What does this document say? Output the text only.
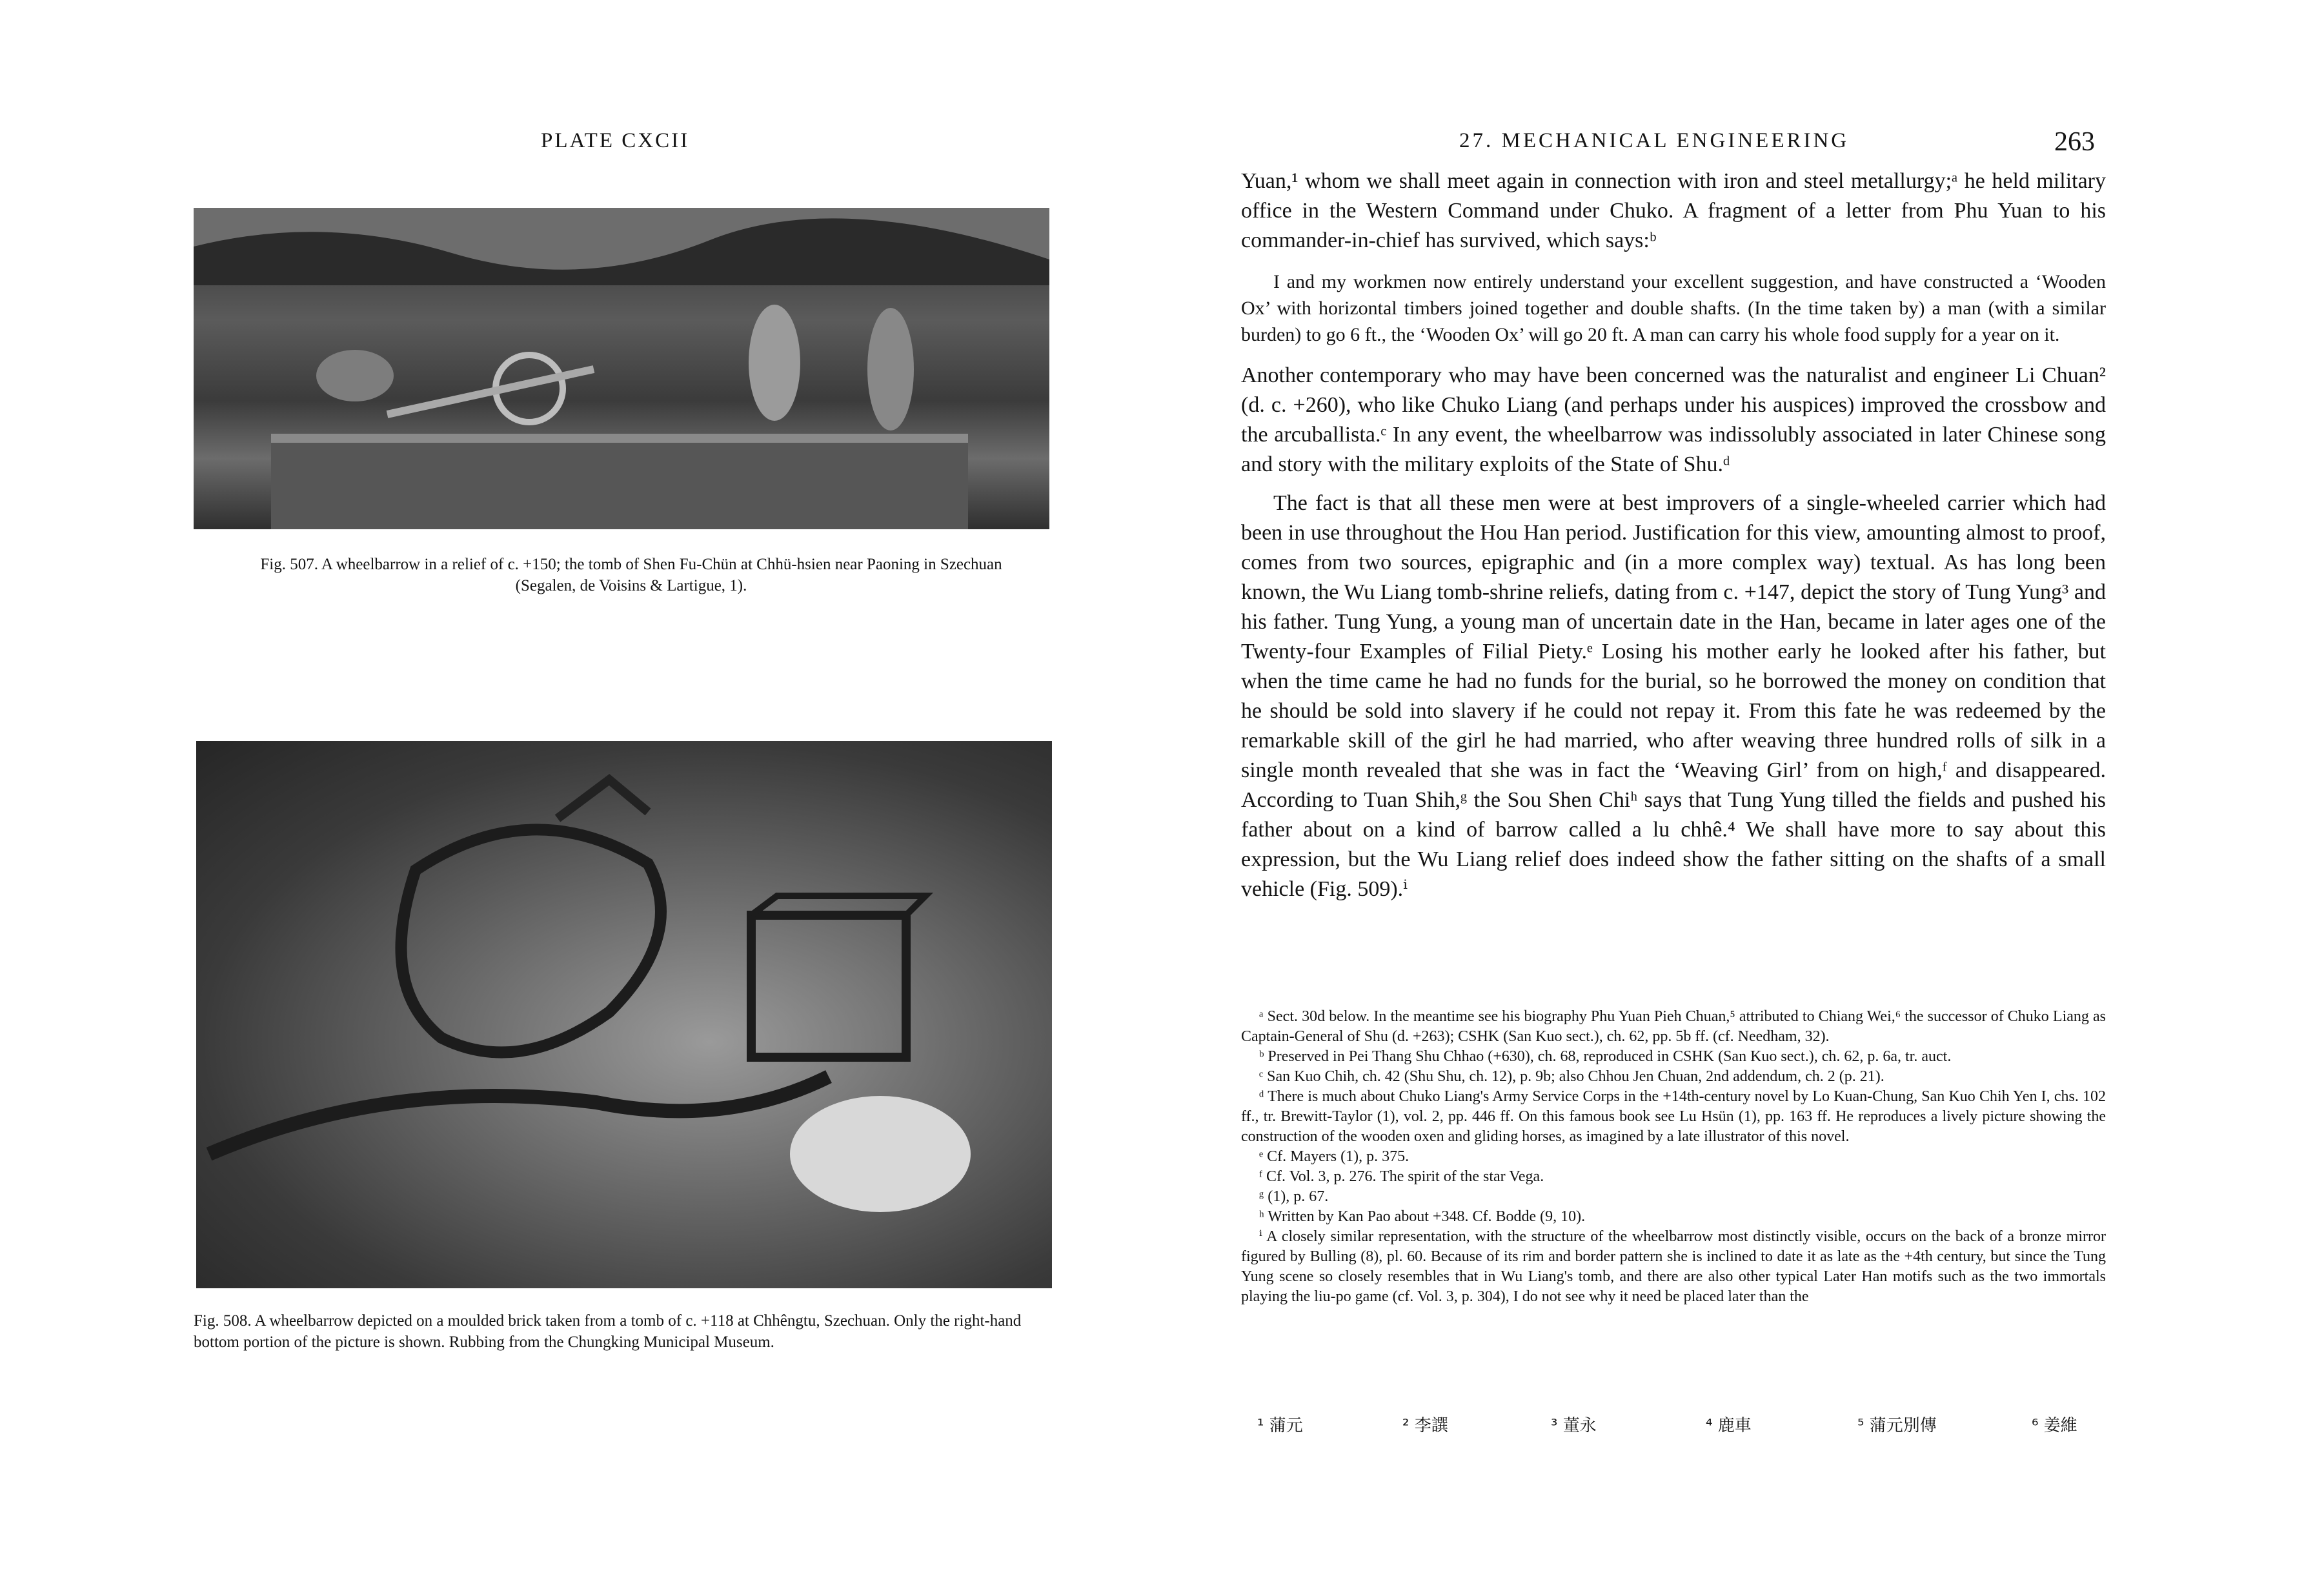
PLATE CXCII
Fig. 507. A wheelbarrow in a relief of c. +150; the tomb of Shen Fu-Chün at Chhü-hsien near Paoning in Szechuan (Segalen, de Voisins & Lartigue, 1).
Fig. 508. A wheelbarrow depicted on a moulded brick taken from a tomb of c. +118 at Chhêngtu, Szechuan. Only the right-hand bottom portion of the picture is shown. Rubbing from the Chungking Municipal Museum.
27. MECHANICAL ENGINEERING	263

Yuan,¹ whom we shall meet again in connection with iron and steel metallurgy;ᵃ he held military office in the Western Command under Chuko. A fragment of a letter from Phu Yuan to his commander-in-chief has survived, which says:ᵇ

I and my workmen now entirely understand your excellent suggestion, and have constructed a ‘Wooden Ox’ with horizontal timbers joined together and double shafts. (In the time taken by) a man (with a similar burden) to go 6 ft., the ‘Wooden Ox’ will go 20 ft. A man can carry his whole food supply for a year on it.

Another contemporary who may have been concerned was the naturalist and engineer Li Chuan² (d. c. +260), who like Chuko Liang (and perhaps under his auspices) improved the crossbow and the arcuballista.ᶜ In any event, the wheelbarrow was indissolubly associated in later Chinese song and story with the military exploits of the State of Shu.ᵈ

The fact is that all these men were at best improvers of a single-wheeled carrier which had been in use throughout the Hou Han period. Justification for this view, amounting almost to proof, comes from two sources, epigraphic and (in a more complex way) textual. As has long been known, the Wu Liang tomb-shrine reliefs, dating from c. +147, depict the story of Tung Yung³ and his father. Tung Yung, a young man of uncertain date in the Han, became in later ages one of the Twenty-four Examples of Filial Piety.ᵉ Losing his mother early he looked after his father, but when the time came he had no funds for the burial, so he borrowed the money on condition that he should be sold into slavery if he could not repay it. From this fate he was redeemed by the remarkable skill of the girl he had married, who after weaving three hundred rolls of silk in a single month revealed that she was in fact the ‘Weaving Girl’ from on high,ᶠ and disappeared. According to Tuan Shih,ᵍ the Sou Shen Chiʰ says that Tung Yung tilled the fields and pushed his father about on a kind of barrow called a lu chhê.⁴ We shall have more to say about this expression, but the Wu Liang relief does indeed show the father sitting on the shafts of a small vehicle (Fig. 509).ⁱ

ᵃ Sect. 30d below. In the meantime see his biography Phu Yuan Pieh Chuan,⁵ attributed to Chiang Wei,⁶ the successor of Chuko Liang as Captain-General of Shu (d. +263); CSHK (San Kuo sect.), ch. 62, pp. 5b ff. (cf. Needham, 32).

ᵇ Preserved in Pei Thang Shu Chhao (+630), ch. 68, reproduced in CSHK (San Kuo sect.), ch. 62, p. 6a, tr. auct.

ᶜ San Kuo Chih, ch. 42 (Shu Shu, ch. 12), p. 9b; also Chhou Jen Chuan, 2nd addendum, ch. 2 (p. 21).

ᵈ There is much about Chuko Liang's Army Service Corps in the +14th-century novel by Lo Kuan-Chung, San Kuo Chih Yen I, chs. 102 ff., tr. Brewitt-Taylor (1), vol. 2, pp. 446 ff. On this famous book see Lu Hsün (1), pp. 163 ff. He reproduces a lively picture showing the construction of the wooden oxen and gliding horses, as imagined by a late illustrator of this novel.

ᵉ Cf. Mayers (1), p. 375.

ᶠ Cf. Vol. 3, p. 276. The spirit of the star Vega.

ᵍ (1), p. 67.

ʰ Written by Kan Pao about +348. Cf. Bodde (9, 10).

ⁱ A closely similar representation, with the structure of the wheelbarrow most distinctly visible, occurs on the back of a bronze mirror figured by Bulling (8), pl. 60. Because of its rim and border pattern she is inclined to date it as late as the +4th century, but since the Tung Yung scene so closely resembles that in Wu Liang's tomb, and there are also other typical Later Han motifs such as the two immortals playing the liu-po game (cf. Vol. 3, p. 304), I do not see why it need be placed later than the

¹ 蒲元	² 李譔	³ 董永	⁴ 鹿車	⁵ 蒲元別傳	⁶ 姜維
